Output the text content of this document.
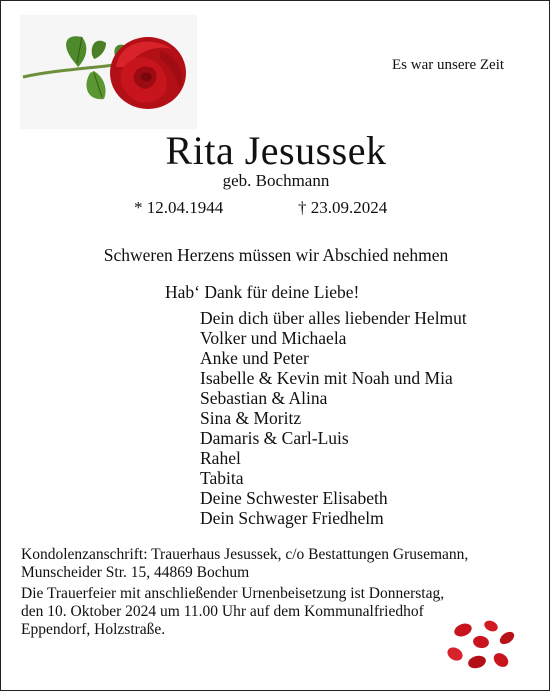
Es war unsere Zeit
Rita Jesussek
geb. Bochmann
* 12.04.1944	† 23.09.2024
Schweren Herzens müssen wir Abschied nehmen
Hab‘ Dank für deine Liebe!
Dein dich über alles liebender Helmut
Volker und Michaela
Anke und Peter
Isabelle & Kevin mit Noah und Mia
Sebastian & Alina
Sina & Moritz
Damaris & Carl-Luis
Rahel
Tabita
Deine Schwester Elisabeth
Dein Schwager Friedhelm
Kondolenzanschrift: Trauerhaus Jesussek, c/o Bestattungen Grusemann,
Munscheider Str. 15, 44869 Bochum
Die Trauerfeier mit anschließender Urnenbeisetzung ist Donnerstag,
den 10. Oktober 2024 um 11.00 Uhr auf dem Kommunalfriedhof
Eppendorf, Holzstraße.
